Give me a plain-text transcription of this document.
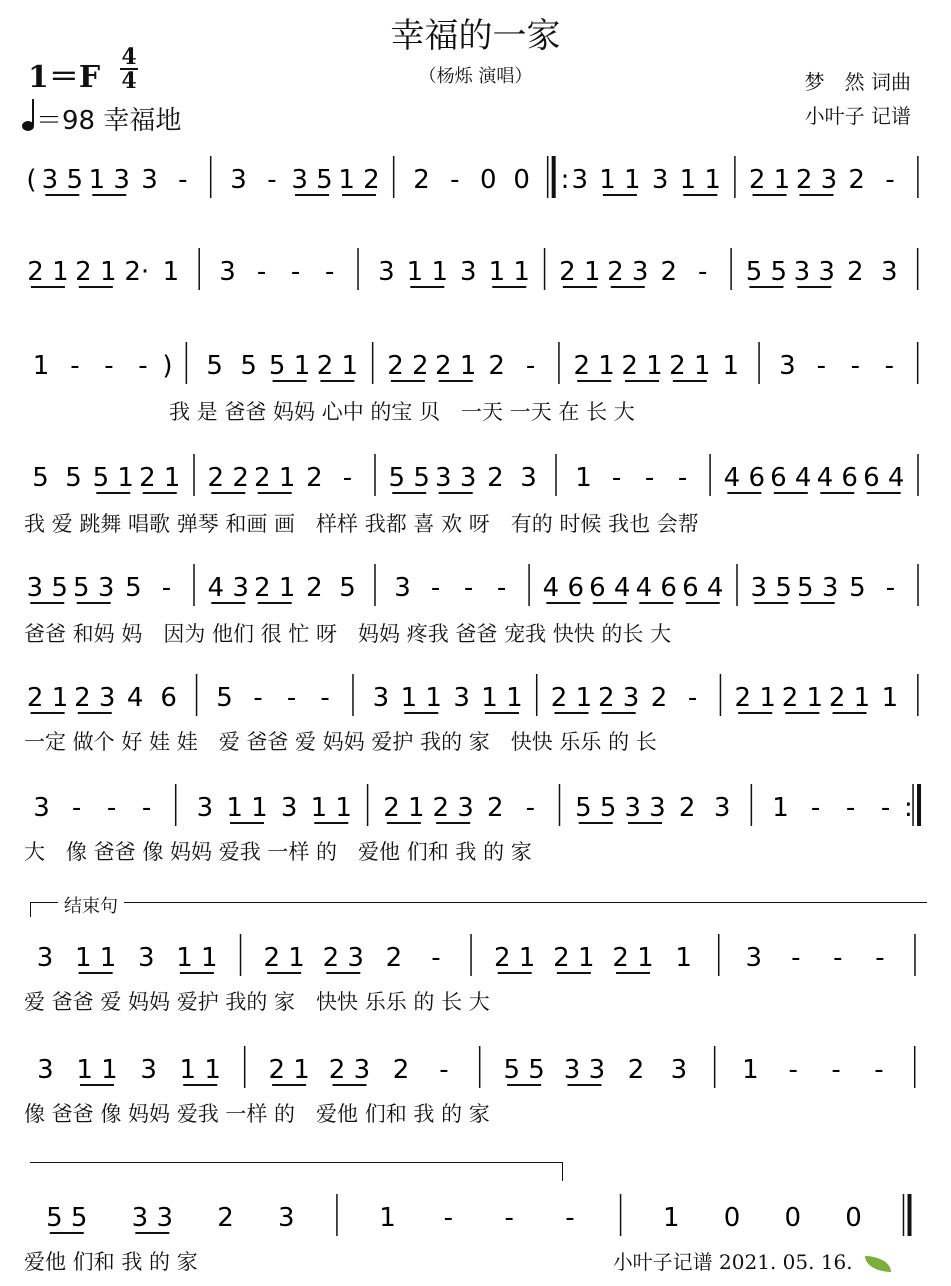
幸福的一家
（杨烁 演唱）
1＝F
4
4
＝98 幸福地
梦　然 词曲
小叶子 记谱
( 3 5 1 3 3 - 3 - 3 5 1 2 2 - 0 0 : 3 1 1 3 1 1 2 1 2 3 2 -
2 1 2 1 2· 1 3 - - - 3 1 1 3 1 1 2 1 2 3 2 - 5 5 3 3 2 3
1 - - - ) 5 5 5 1 2 1 2 2 2 1 2 - 2 1 2 1 2 1 1 3 - - -
我 是 爸爸 妈妈 心中 的宝 贝　一天 一天 在 长 大
5 5 5 1 2 1 2 2 2 1 2 - 5 5 3 3 2 3 1 - - - 4 6 6 4 4 6 6 4
我 爱 跳舞 唱歌 弹琴 和画 画　样样 我都 喜 欢 呀　有的 时候 我也 会帮
3 5 5 3 5 - 4 3 2 1 2 5 3 - - - 4 6 6 4 4 6 6 4 3 5 5 3 5 -
爸爸 和妈 妈　因为 他们 很 忙 呀　妈妈 疼我 爸爸 宠我 快快 的长 大
2 1 2 3 4 6 5 - - - 3 1 1 3 1 1 2 1 2 3 2 - 2 1 2 1 2 1 1
一定 做个 好 娃 娃　爱 爸爸 爱 妈妈 爱护 我的 家　快快 乐乐 的 长
3 - - - 3 1 1 3 1 1 2 1 2 3 2 - 5 5 3 3 2 3 1 - - - :
大　像 爸爸 像 妈妈 爱我 一样 的　爱他 们和 我 的 家
结束句
3 1 1 3 1 1 2 1 2 3 2 - 2 1 2 1 2 1 1 3 - - -
爱 爸爸 爱 妈妈 爱护 我的 家　快快 乐乐 的 长 大
3 1 1 3 1 1 2 1 2 3 2 - 5 5 3 3 2 3 1 - - -
像 爸爸 像 妈妈 爱我 一样 的　爱他 们和 我 的 家
5 5 3 3 2 3	1 - - -	1 0 0 0
爱他 们和 我 的 家	小叶子记谱 2021. 05. 16.
